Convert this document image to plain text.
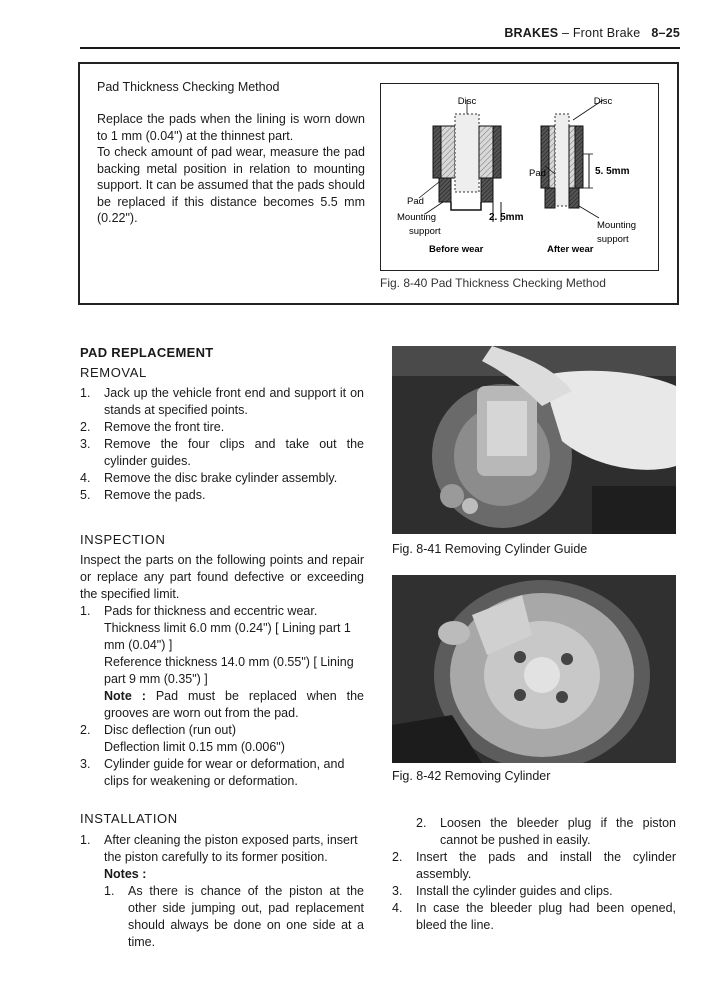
BRAKES – Front Brake 8–25
Pad Thickness Checking Method
Replace the pads when the lining is worn down to 1 mm (0.04") at the thinnest part.
To check amount of pad wear, measure the pad backing metal position in relation to mounting support. It can be assumed that the pads should be replaced if this distance becomes 5.5 mm (0.22").
Disc
Pad
Mounting
support
2. 5mm
Before wear
Disc
Pad	5. 5mm
Mounting
support
After wear
Fig. 8-40 Pad Thickness Checking Method
PAD REPLACEMENT
REMOVAL
1. Jack up the vehicle front end and support it on stands at specified points.
2. Remove the front tire.
3. Remove the four clips and take out the cylinder guides.
4. Remove the disc brake cylinder assembly.
5. Remove the pads.
INSPECTION
Inspect the parts on the following points and repair or replace any part found defective or exceeding the specified limit.
1. Pads for thickness and eccentric wear.
Thickness limit 6.0 mm (0.24") [ Lining part 1 mm (0.04") ]
Reference thickness 14.0 mm (0.55") [ Lining part 9 mm (0.35") ]
Note : Pad must be replaced when the grooves are worn out from the pad.
2. Disc deflection (run out)
Deflection limit 0.15 mm (0.006")
3. Cylinder guide for wear or deformation, and clips for weakening or deformation.
INSTALLATION
1. After cleaning the piston exposed parts, insert the piston carefully to its former position.
Notes :
1. As there is chance of the piston at the other side jumping out, pad replacement should always be done on one side at a time.
Fig. 8-41 Removing Cylinder Guide
Fig. 8-42 Removing Cylinder
2. Loosen the bleeder plug if the piston cannot be pushed in easily.
2. Insert the pads and install the cylinder assembly.
3. Install the cylinder guides and clips.
4. In case the bleeder plug had been opened, bleed the line.
